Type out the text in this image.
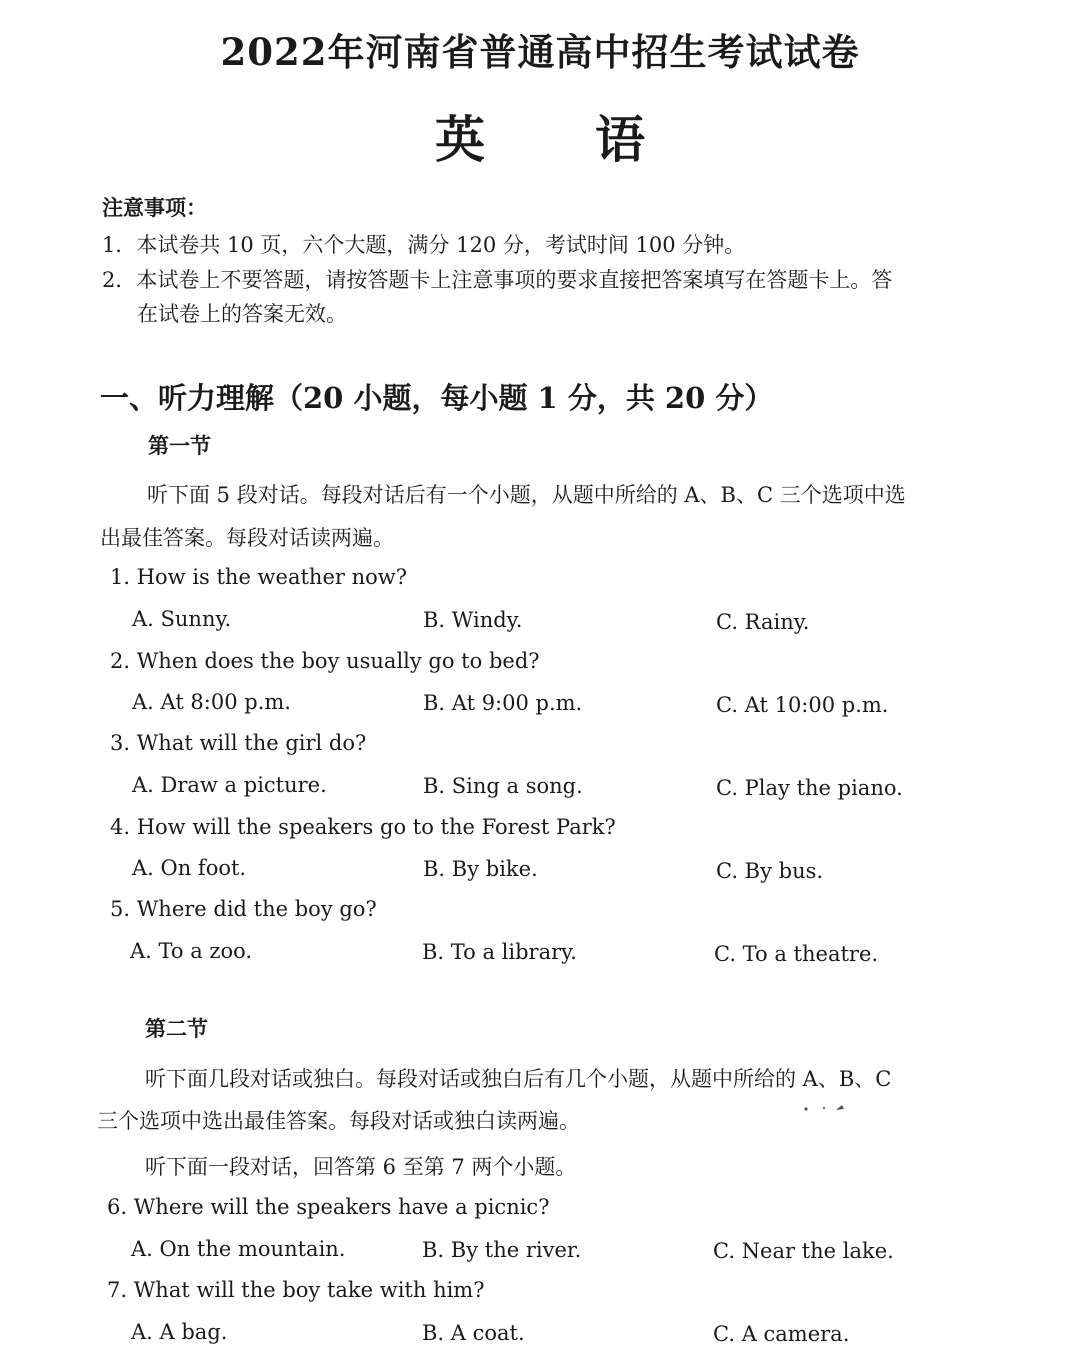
2022年河南省普通高中招生考试试卷
英 语
注意事项：
1．本试卷共 10 页，六个大题，满分 120 分，考试时间 100 分钟。
2．本试卷上不要答题，请按答题卡上注意事项的要求直接把答案填写在答题卡上。答
在试卷上的答案无效。
一、听力理解（20 小题，每小题 1 分，共 20 分）
第一节
听下面 5 段对话。每段对话后有一个小题，从题中所给的 A、B、C 三个选项中选
出最佳答案。每段对话读两遍。
1. How is the weather now?
A. Sunny.	B. Windy.	C. Rainy.
2. When does the boy usually go to bed?
A. At 8:00 p.m.	B. At 9:00 p.m.	C. At 10:00 p.m.
3. What will the girl do?
A. Draw a picture.	B. Sing a song.	C. Play the piano.
4. How will the speakers go to the Forest Park?
A. On foot.	B. By bike.	C. By bus.
5. Where did the boy go?
A. To a zoo.	B. To a library.	C. To a theatre.
第二节
听下面几段对话或独白。每段对话或独白后有几个小题，从题中所给的 A、B、C
三个选项中选出最佳答案。每段对话或独白读两遍。
听下面一段对话，回答第 6 至第 7 两个小题。
6. Where will the speakers have a picnic?
A. On the mountain.	B. By the river.	C. Near the lake.
7. What will the boy take with him?
A. A bag.	B. A coat.	C. A camera.
